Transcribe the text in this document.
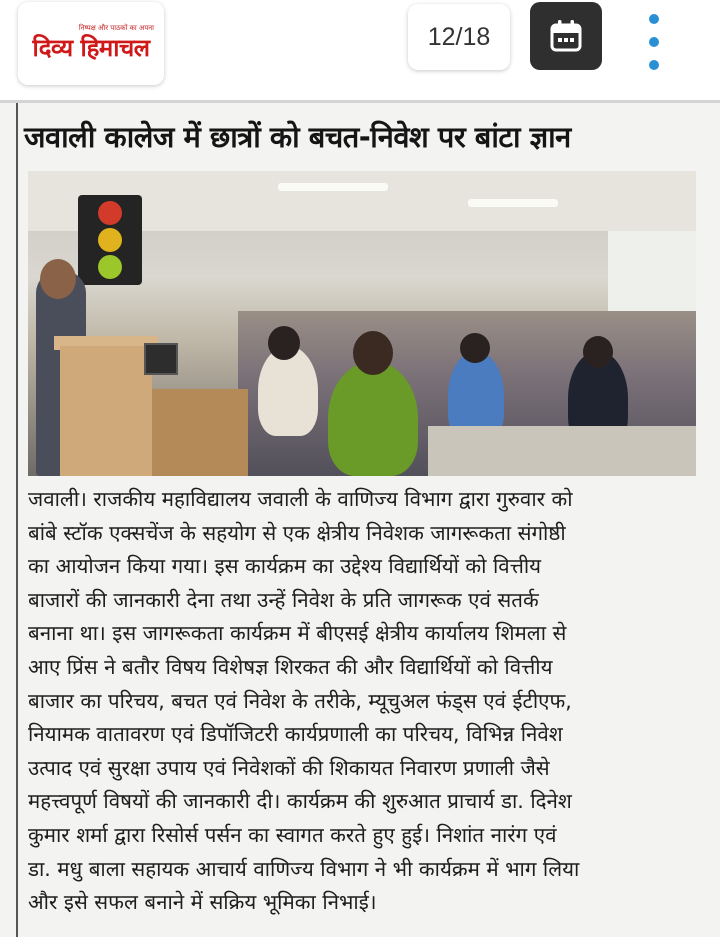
निष्पक्ष और पाठकों का अपना
दिव्य हिमाचल	12/18
जवाली कालेज में छात्रों को बचत-निवेश पर बांटा ज्ञान
जवाली। राजकीय महाविद्यालय जवाली के वाणिज्य विभाग द्वारा गुरुवार को
बांबे स्टॉक एक्सचेंज के सहयोग से एक क्षेत्रीय निवेशक जागरूकता संगोष्ठी
का आयोजन किया गया। इस कार्यक्रम का उद्देश्य विद्यार्थियों को वित्तीय
बाजारों की जानकारी देना तथा उन्हें निवेश के प्रति जागरूक एवं सतर्क
बनाना था। इस जागरूकता कार्यक्रम में बीएसई क्षेत्रीय कार्यालय शिमला से
आए प्रिंस ने बतौर विषय विशेषज्ञ शिरकत की और विद्यार्थियों को वित्तीय
बाजार का परिचय, बचत एवं निवेश के तरीके, म्यूचुअल फंड्स एवं ईटीएफ,
नियामक वातावरण एवं डिपॉजिटरी कार्यप्रणाली का परिचय, विभिन्न निवेश
उत्पाद एवं सुरक्षा उपाय एवं निवेशकों की शिकायत निवारण प्रणाली जैसे
महत्त्वपूर्ण विषयों की जानकारी दी। कार्यक्रम की शुरुआत प्राचार्य डा. दिनेश
कुमार शर्मा द्वारा रिसोर्स पर्सन का स्वागत करते हुए हुई। निशांत नारंग एवं
डा. मधु बाला सहायक आचार्य वाणिज्य विभाग ने भी कार्यक्रम में भाग लिया
और इसे सफल बनाने में सक्रिय भूमिका निभाई।
